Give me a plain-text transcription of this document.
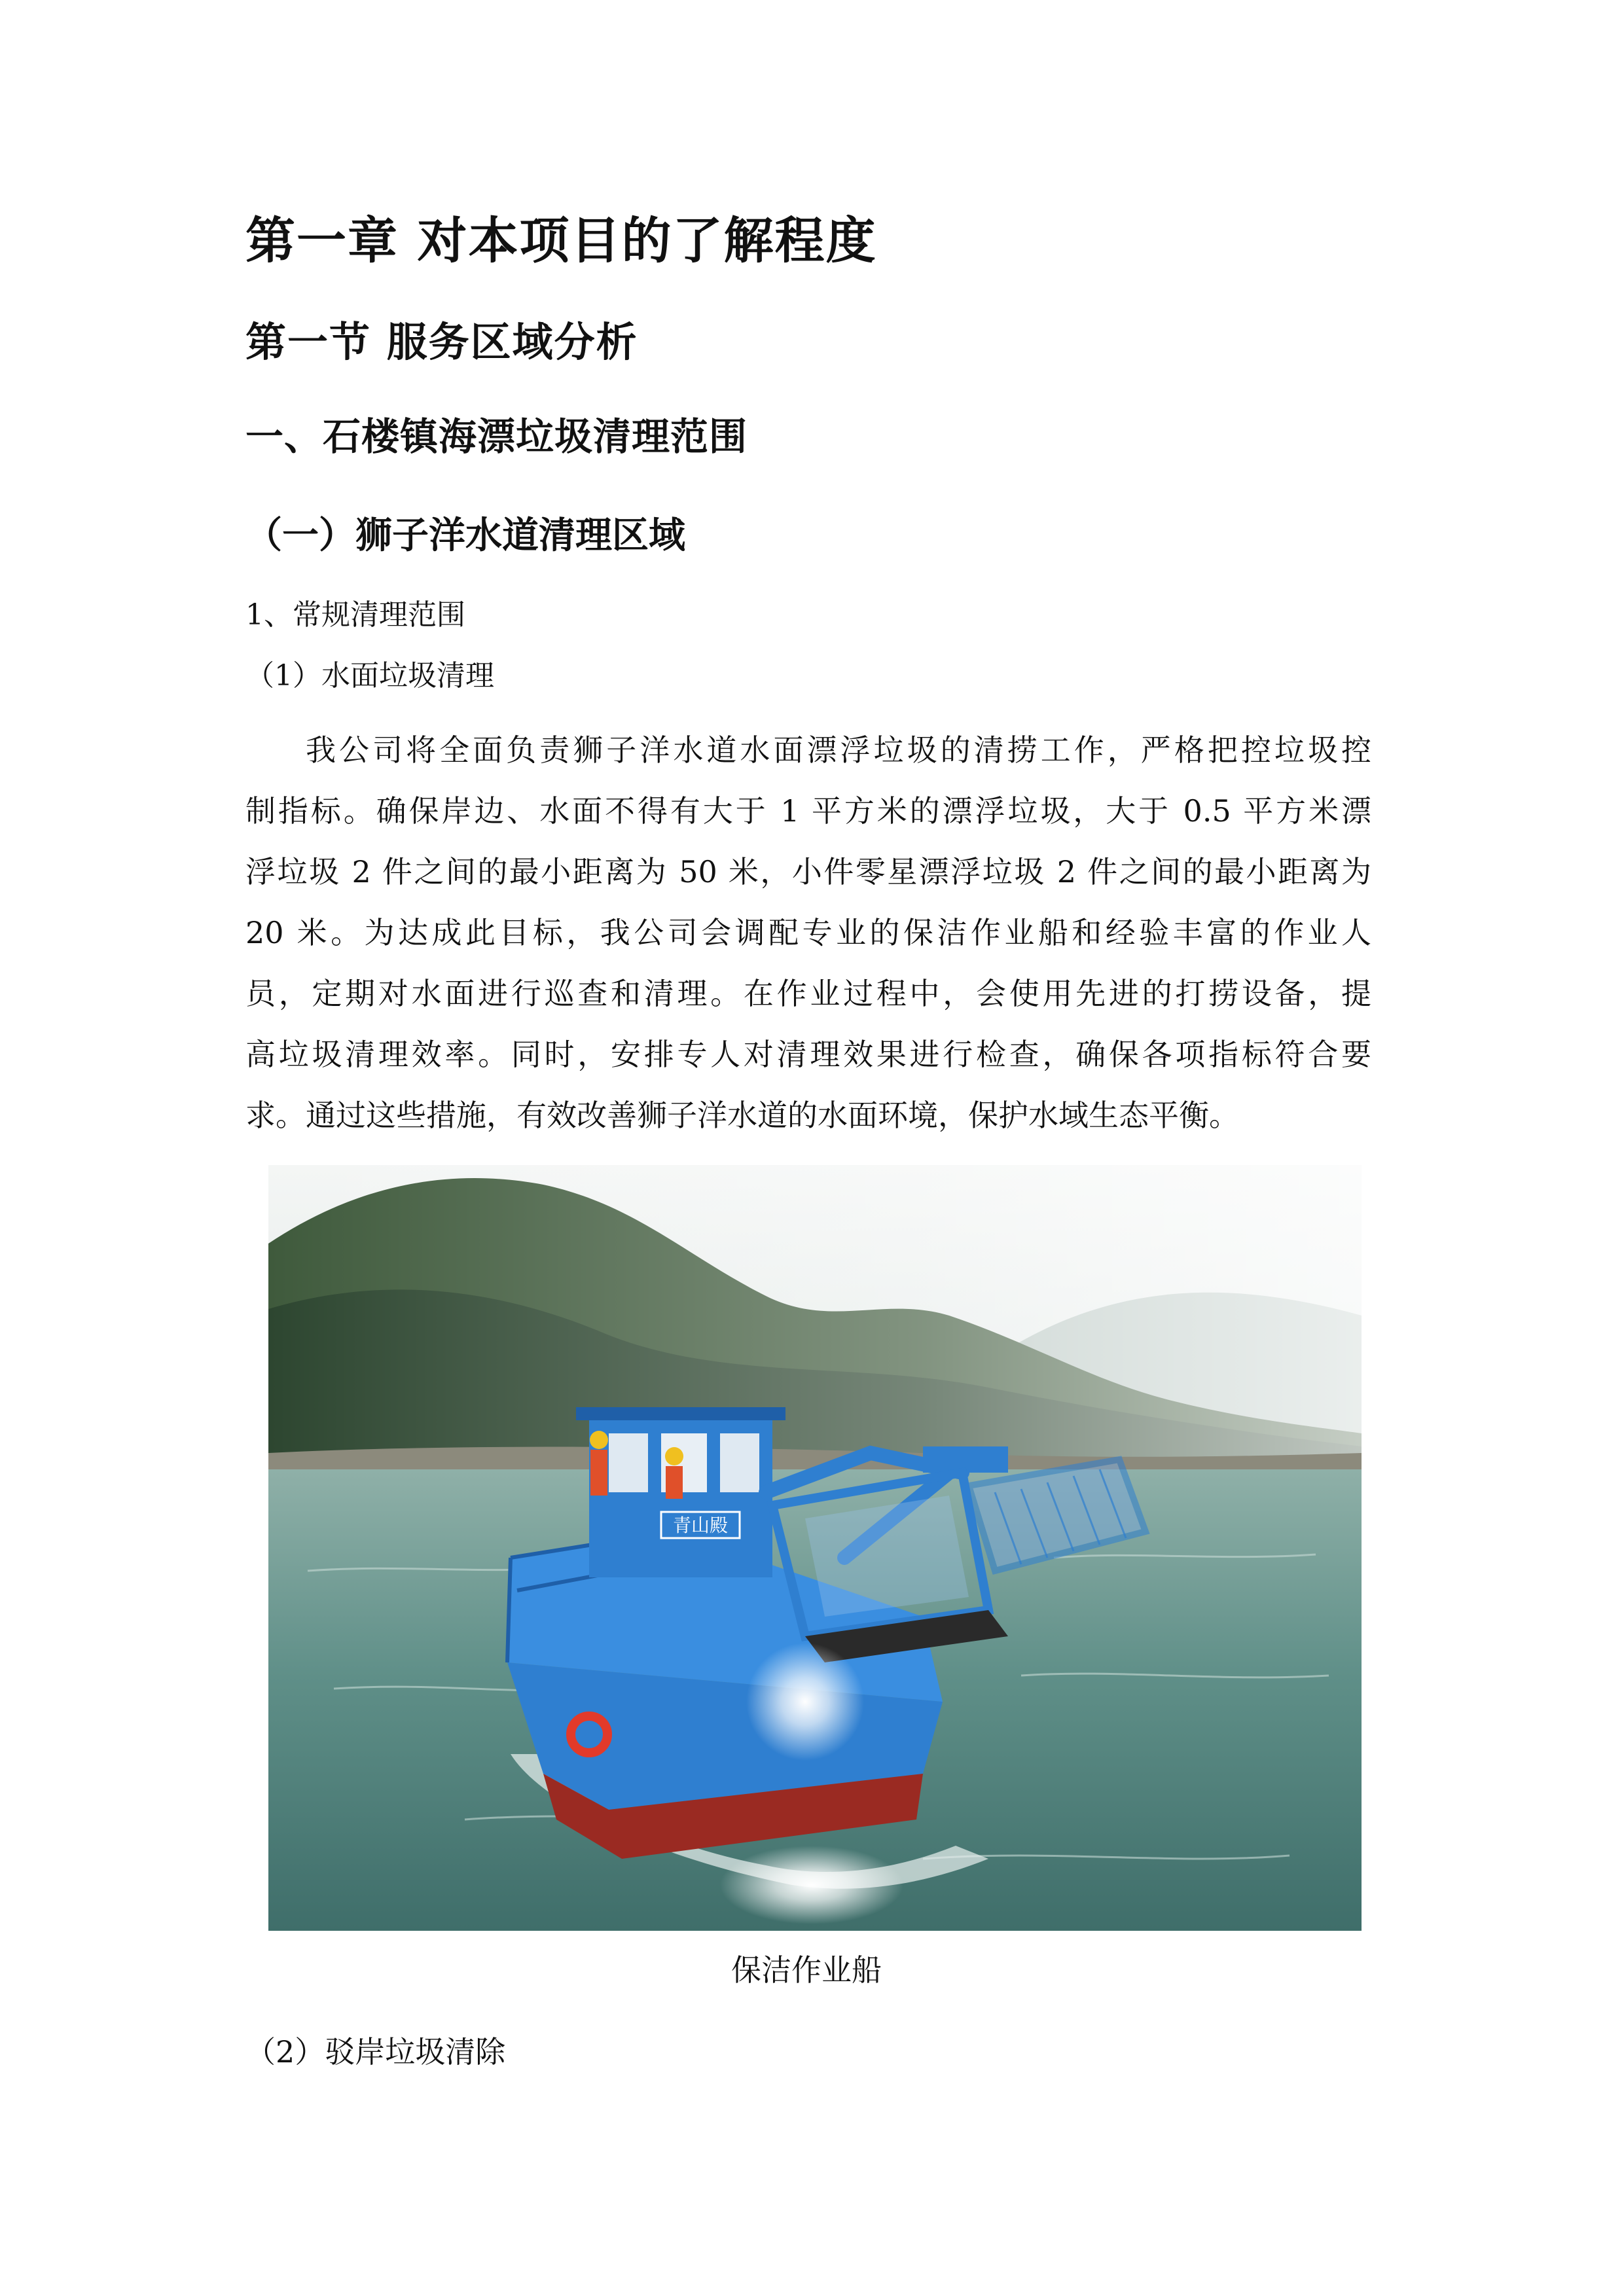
第一章 对本项目的了解程度
第一节 服务区域分析
一、石楼镇海漂垃圾清理范围
（一）狮子洋水道清理区域

1、常规清理范围

（1）水面垃圾清理

我公司将全面负责狮子洋水道水面漂浮垃圾的清捞工作，严格把控垃圾控
制指标。确保岸边、水面不得有大于 1 平方米的漂浮垃圾，大于 0.5 平方米漂
浮垃圾 2 件之间的最小距离为 50 米，小件零星漂浮垃圾 2 件之间的最小距离为
20 米。为达成此目标，我公司会调配专业的保洁作业船和经验丰富的作业人
员，定期对水面进行巡查和清理。在作业过程中，会使用先进的打捞设备，提
高垃圾清理效率。同时，安排专人对清理效果进行检查，确保各项指标符合要
求。通过这些措施，有效改善狮子洋水道的水面环境，保护水域生态平衡。
青山殿

保洁作业船

（2）驳岸垃圾清除
